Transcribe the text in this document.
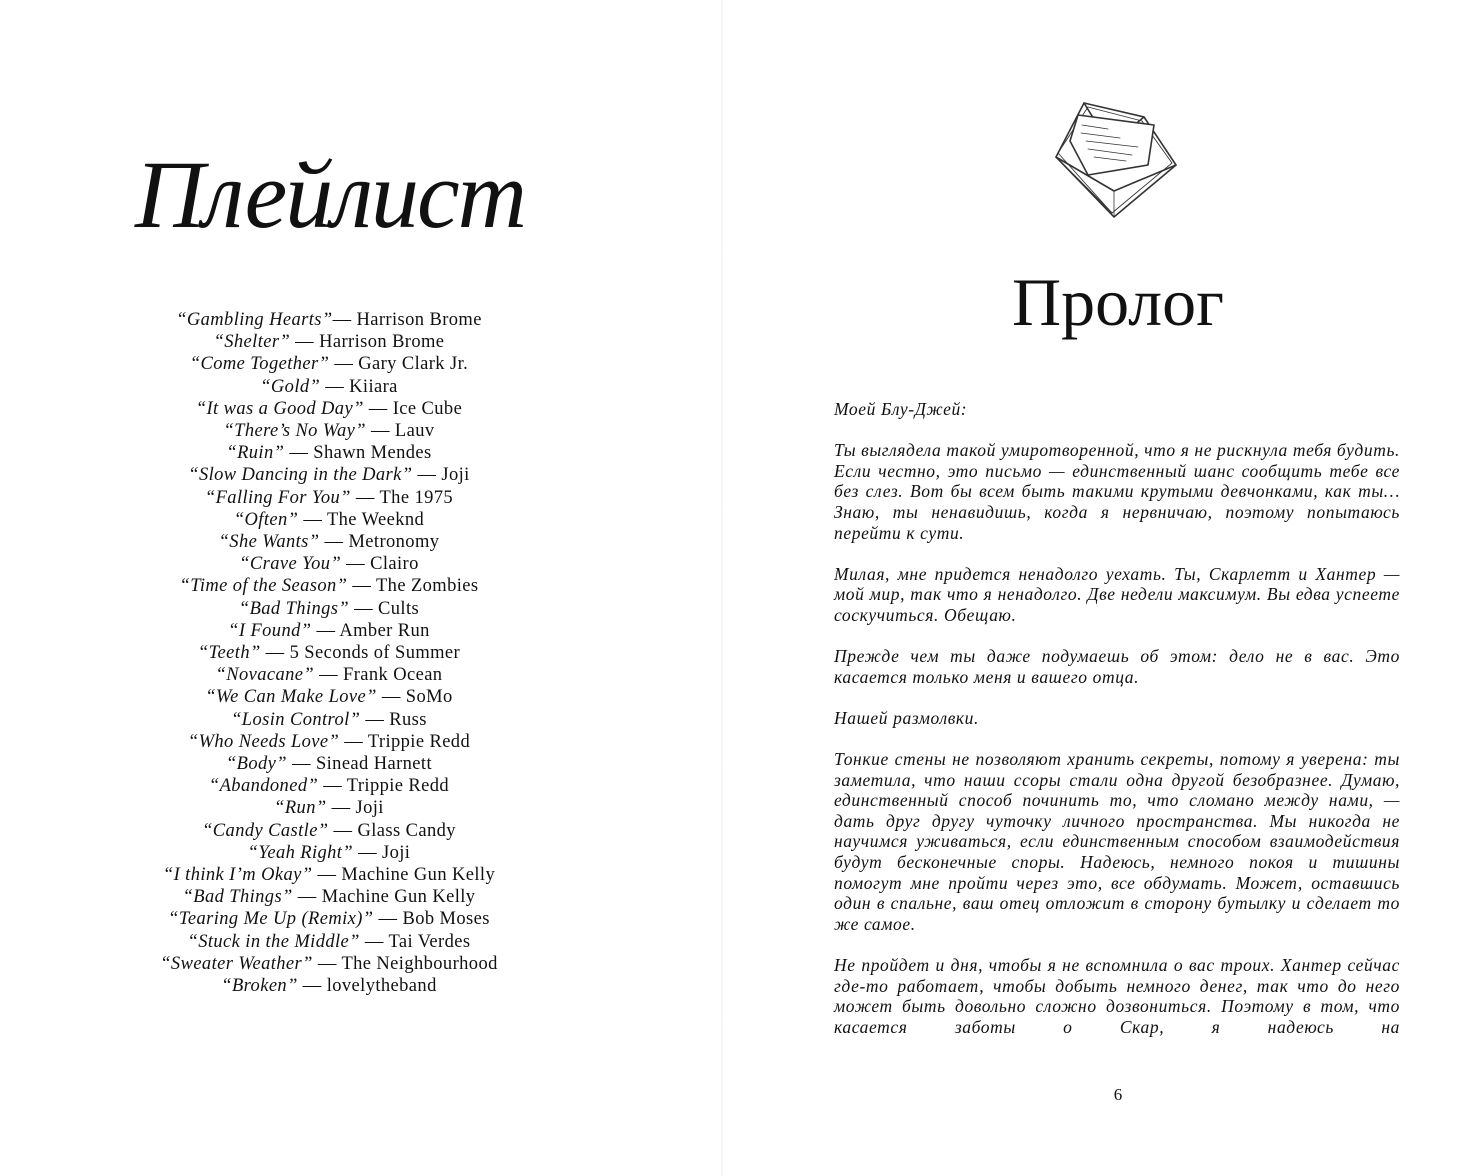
Плейлист
“Gambling Hearts”— Harrison Brome
“Shelter” — Harrison Brome
“Come Together” — Gary Clark Jr.
“Gold” — Kiiara
“It was a Good Day” — Ice Cube
“There’s No Way” — Lauv
“Ruin” — Shawn Mendes
“Slow Dancing in the Dark” — Joji
“Falling For You” — The 1975
“Often” — The Weeknd
“She Wants” — Metronomy
“Crave You” — Clairo
“Time of the Season” — The Zombies
“Bad Things” — Cults
“I Found” — Amber Run
“Teeth” — 5 Seconds of Summer
“Novacane” — Frank Ocean
“We Can Make Love” — SoMo
“Losin Control” — Russ
“Who Needs Love” — Trippie Redd
“Body” — Sinead Harnett
“Abandoned” — Trippie Redd
“Run” — Joji
“Candy Castle” — Glass Candy
“Yeah Right” — Joji
“I think I’m Okay” — Machine Gun Kelly
“Bad Things” — Machine Gun Kelly
“Tearing Me Up (Remix)” — Bob Moses
“Stuck in the Middle” — Tai Verdes
“Sweater Weather” — The Neighbourhood
“Broken” — lovelytheband
Пролог

Моей Блу-Джей:

Ты выглядела такой умиротворенной, что я не рискнула тебя будить. Если честно, это письмо — единственный шанс сообщить тебе все без слез. Вот бы всем быть такими крутыми девчонками, как ты… Знаю, ты ненавидишь, когда я нервничаю, поэтому попытаюсь перейти к сути.

Милая, мне придется ненадолго уехать. Ты, Скарлетт и Хантер — мой мир, так что я ненадолго. Две недели максимум. Вы едва успеете соскучиться. Обещаю.

Прежде чем ты даже подумаешь об этом: дело не в вас. Это касается только меня и вашего отца.

Нашей размолвки.

Тонкие стены не позволяют хранить секреты, потому я уверена: ты заметила, что наши ссоры стали одна другой безобразнее. Думаю, единственный способ починить то, что сломано между нами, — дать друг другу чуточку личного пространства. Мы никогда не научимся уживаться, если единственным способом взаимодействия будут бесконечные споры. Надеюсь, немного покоя и тишины помогут мне пройти через это, все обдумать. Может, оставшись один в спальне, ваш отец отложит в сторону бутылку и сделает то же самое.

Не пройдет и дня, чтобы я не вспомнила о вас троих. Хантер сейчас где-то работает, чтобы добыть немного денег, так что до него может быть довольно сложно дозвониться. Поэтому в том, что касается заботы о Скар, я надеюсь на

6
